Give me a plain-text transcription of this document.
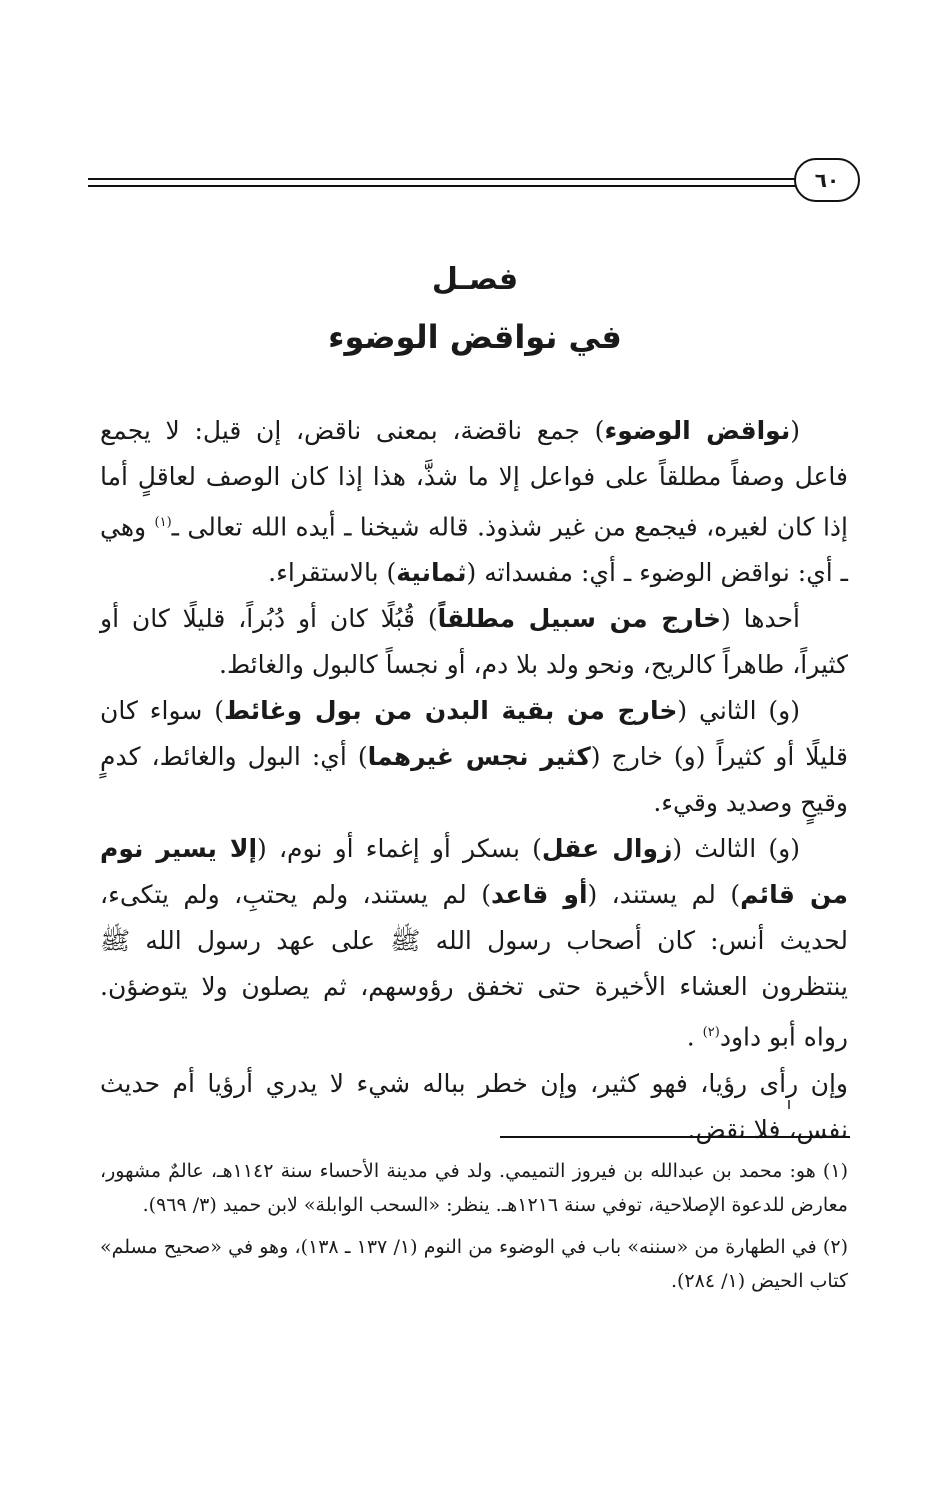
٦٠
فصـل
في نواقض الوضوء

(نواقض الوضوء) جمع ناقضة، بمعنى ناقض، إن قيل: لا يجمع فاعل وصفاً مطلقاً على فواعل إلا ما شذَّ، هذا إذا كان الوصف لعاقلٍ أما إذا كان لغيره، فيجمع من غير شذوذ. قاله شيخنا ـ أيده الله تعالى ـ$^{(١)}$ وهي ـ أي: نواقض الوضوء ـ أي: مفسداته (ثمانية) بالاستقراء.

أحدها (خارج من سبيل مطلقاً) قُبُلًا كان أو دُبُراً، قليلًا كان أو كثيراً، طاهراً كالريح، ونحو ولد بلا دم، أو نجساً كالبول والغائط.

(و) الثاني (خارج من بقية البدن من بول وغائط) سواء كان قليلًا أو كثيراً (و) خارج (كثير نجس غيرهما) أي: البول والغائط، كدمٍ وقيحٍ وصديد وقيء.

(و) الثالث (زوال عقل) بسكر أو إغماء أو نوم، (إلا يسير نوم من قائم) لم يستند، (أو قاعد) لم يستند، ولم يحتبِ، ولم يتكىء، لحديث أنس: كان أصحاب رسول الله ﷺ على عهد رسول الله ﷺ ينتظرون العشاء الأخيرة حتى تخفق رؤوسهم، ثم يصلون ولا يتوضؤن. رواه أبو داود$^{(٢)}$ .

وإن رأى رؤيا، فهو كثير، وإن خطر بباله شيء لا يدري أرؤيا أم حديث نفس، فلا نقض.

(١) هو: محمد بن عبدالله بن فيروز التميمي. ولد في مدينة الأحساء سنة ١١٤٢هـ، عالمٌ مشهور، معارض للدعوة الإصلاحية، توفي سنة ١٢١٦هـ. ينظر: «السحب الوابلة» لابن حميد (٣/ ٩٦٩).

(٢) في الطهارة من «سننه» باب في الوضوء من النوم (١/ ١٣٧ ـ ١٣٨)، وهو في «صحيح مسلم» كتاب الحيض (١/ ٢٨٤).
